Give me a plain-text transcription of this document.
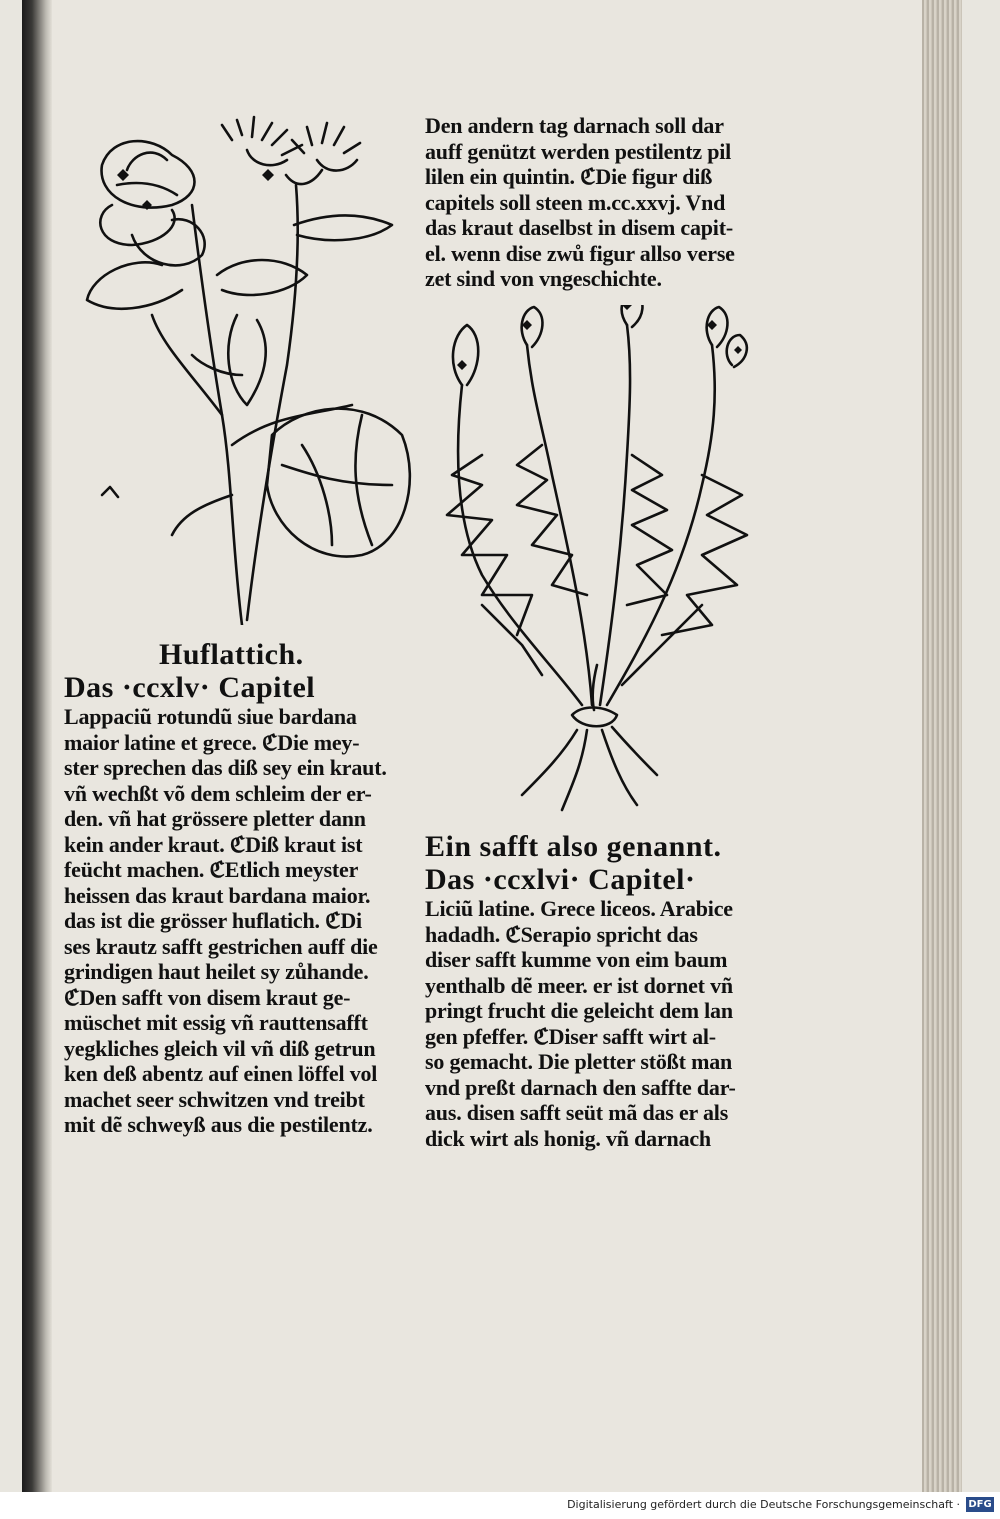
Huflattich.
Das ·ccxlv· Capitel
Lappaciũ rotundũ siue bardana
maior latine et grece. ℭDie mey-
ster sprechen das diß sey ein kraut.
vñ wechßt võ dem schleim der er-
den. vñ hat grössere pletter dann
kein ander kraut. ℭDiß kraut ist
feücht machen. ℭEtlich meyster
heissen das kraut bardana maior.
das ist die grösser huflatich. ℭDi
ses krautz safft gestrichen auff die
grindigen haut heilet sy zůhande.
ℭDen safft von disem kraut ge-
müschet mit essig vñ rauttensafft
yegkliches gleich vil vñ diß getrun
ken deß abentz auf einen löffel vol
machet seer schwitzen vnd treibt
mit dẽ schweyß aus die pestilentz.
Den andern tag darnach soll dar
auff genützt werden pestilentz pil
lilen ein quintin. ℭDie figur diß
capitels soll steen m.cc.xxvj. Vnd
das kraut daselbst in disem capit-
el. wenn dise zwů figur allso verse
zet sind von vngeschichte.
Ein safft also genannt.
Das ·ccxlvi· Capitel·
Liciũ latine. Grece liceos. Arabice
hadadh. ℭSerapio spricht das
diser safft kumme von eim baum
yenthalb dẽ meer. er ist dornet vñ
pringt frucht die geleicht dem lan
gen pfeffer. ℭDiser safft wirt al-
so gemacht. Die pletter stößt man
vnd preßt darnach den saffte dar-
aus. disen safft seüt mã das er als
dick wirt als honig. vñ darnach
Digitalisierung gefördert durch die Deutsche Forschungsgemeinschaft · DFG
